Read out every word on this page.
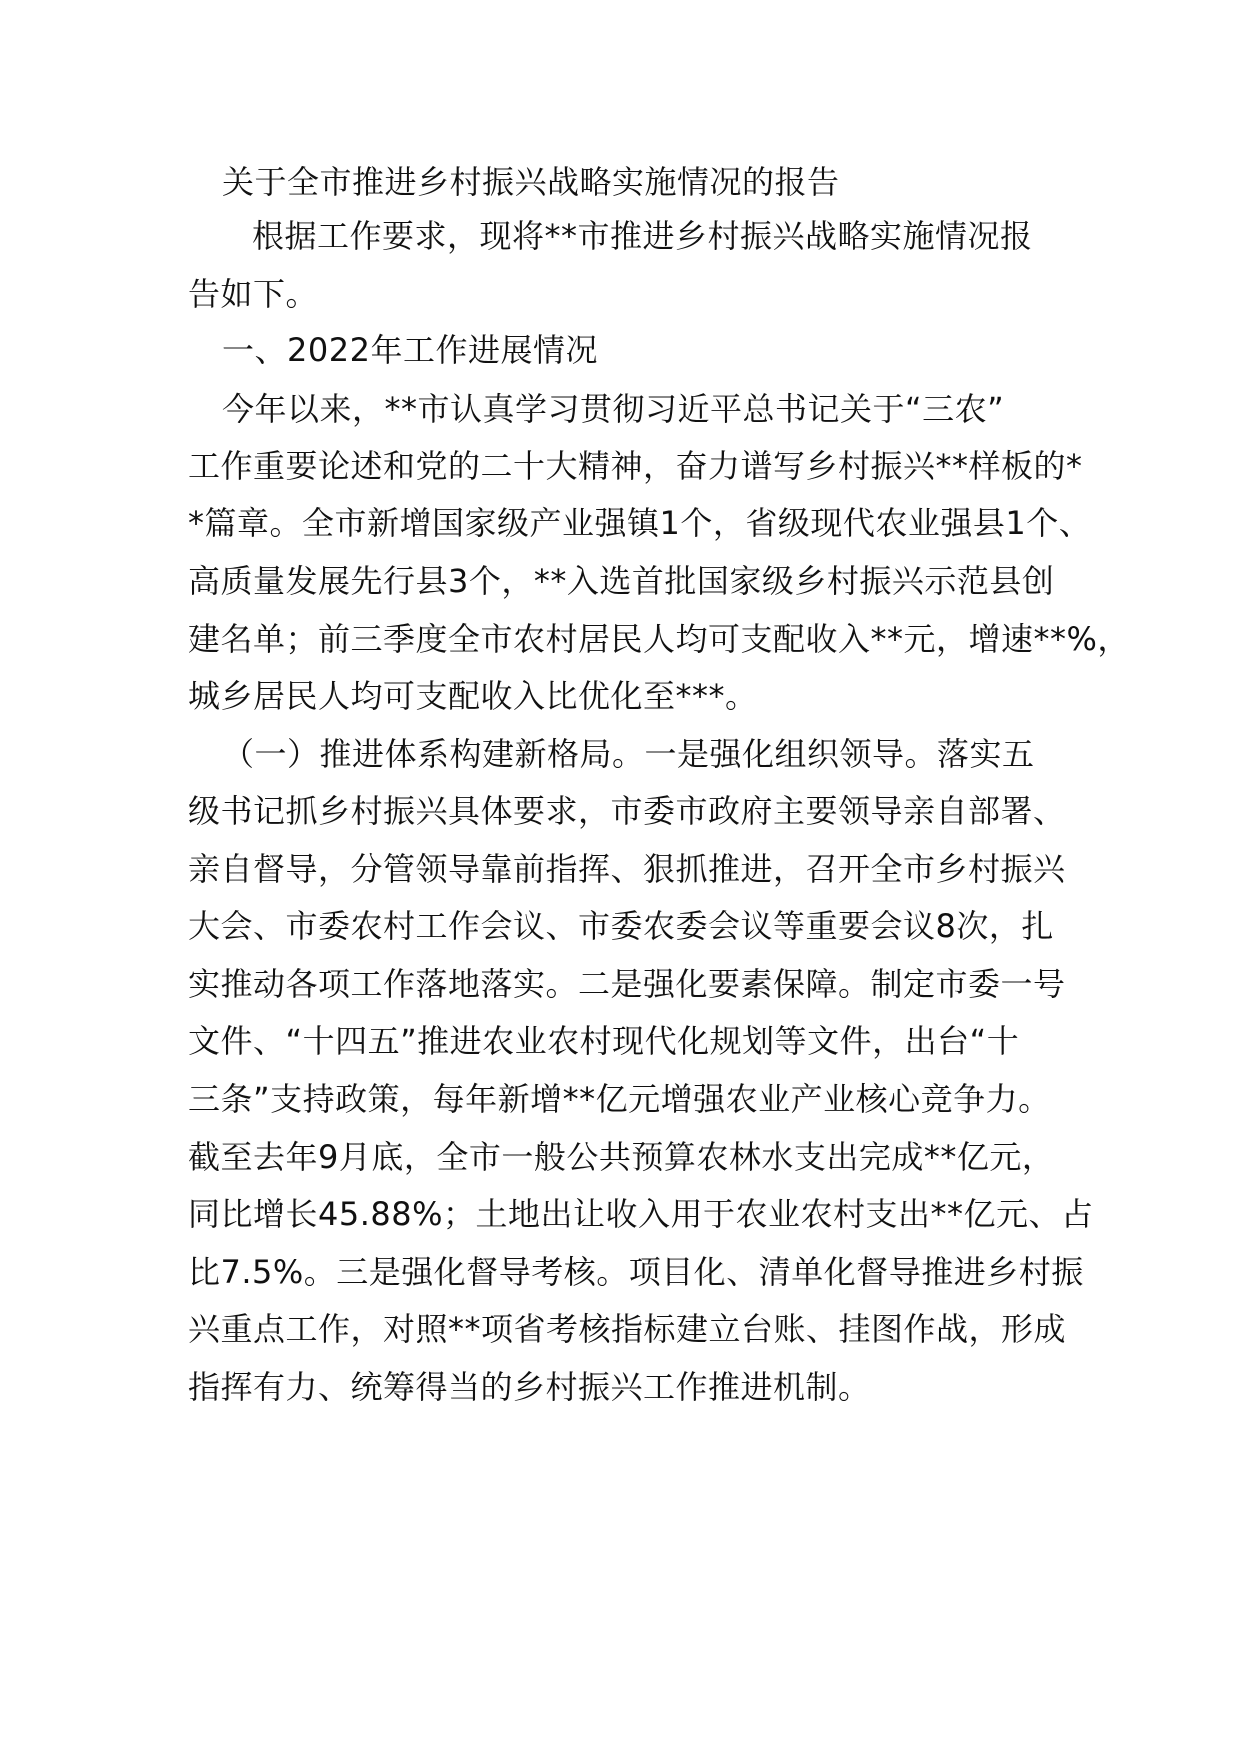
关于全市推进乡村振兴战略实施情况的报告
根据工作要求，现将**市推进乡村振兴战略实施情况报
告如下。
一、2022年工作进展情况
今年以来，**市认真学习贯彻习近平总书记关于“三农”
工作重要论述和党的二十大精神，奋力谱写乡村振兴**样板的*
*篇章。全市新增国家级产业强镇1个，省级现代农业强县1个、
高质量发展先行县3个，**入选首批国家级乡村振兴示范县创
建名单；前三季度全市农村居民人均可支配收入**元，增速**%，
城乡居民人均可支配收入比优化至***。
（一）推进体系构建新格局。一是强化组织领导。落实五
级书记抓乡村振兴具体要求，市委市政府主要领导亲自部署、
亲自督导，分管领导靠前指挥、狠抓推进，召开全市乡村振兴
大会、市委农村工作会议、市委农委会议等重要会议8次，扎
实推动各项工作落地落实。二是强化要素保障。制定市委一号
文件、“十四五”推进农业农村现代化规划等文件，出台“十
三条”支持政策，每年新增**亿元增强农业产业核心竞争力。
截至去年9月底，全市一般公共预算农林水支出完成**亿元，
同比增长45.88%；土地出让收入用于农业农村支出**亿元、占
比7.5%。三是强化督导考核。项目化、清单化督导推进乡村振
兴重点工作，对照**项省考核指标建立台账、挂图作战，形成
指挥有力、统筹得当的乡村振兴工作推进机制。
